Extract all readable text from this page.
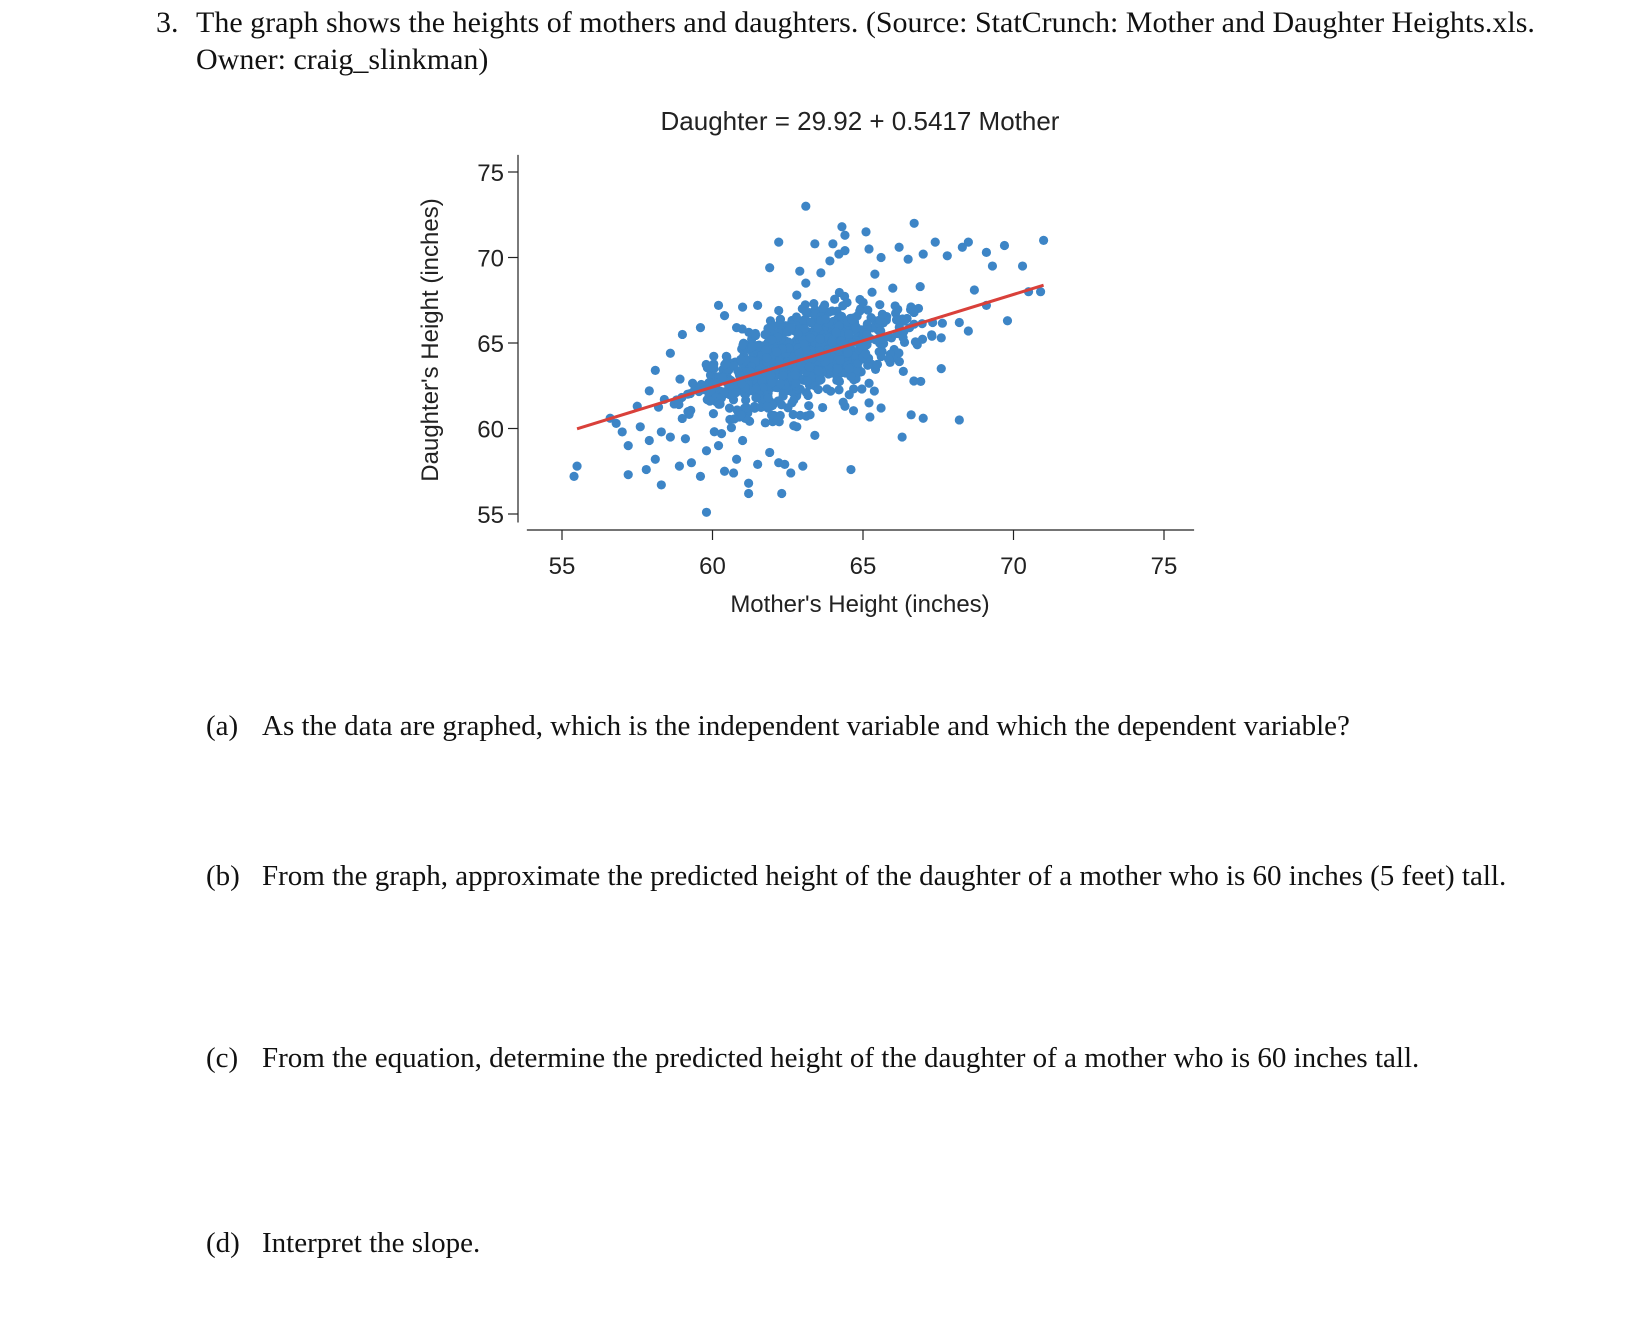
3. The graph shows the heights of mothers and daughters. (Source: StatCrunch: Mother and Daughter Heights.xls. Owner: craig_slinkman)
Daughter = 29.92 + 0.5417 Mother
Daughter's Height (inches)
Mother's Height (inches)
55
60
65
70
75
55	60	65	70	75
(a) As the data are graphed, which is the independent variable and which the dependent variable?
(b) From the graph, approximate the predicted height of the daughter of a mother who is 60 inches (5 feet) tall.
(c) From the equation, determine the predicted height of the daughter of a mother who is 60 inches tall.
(d) Interpret the slope.
